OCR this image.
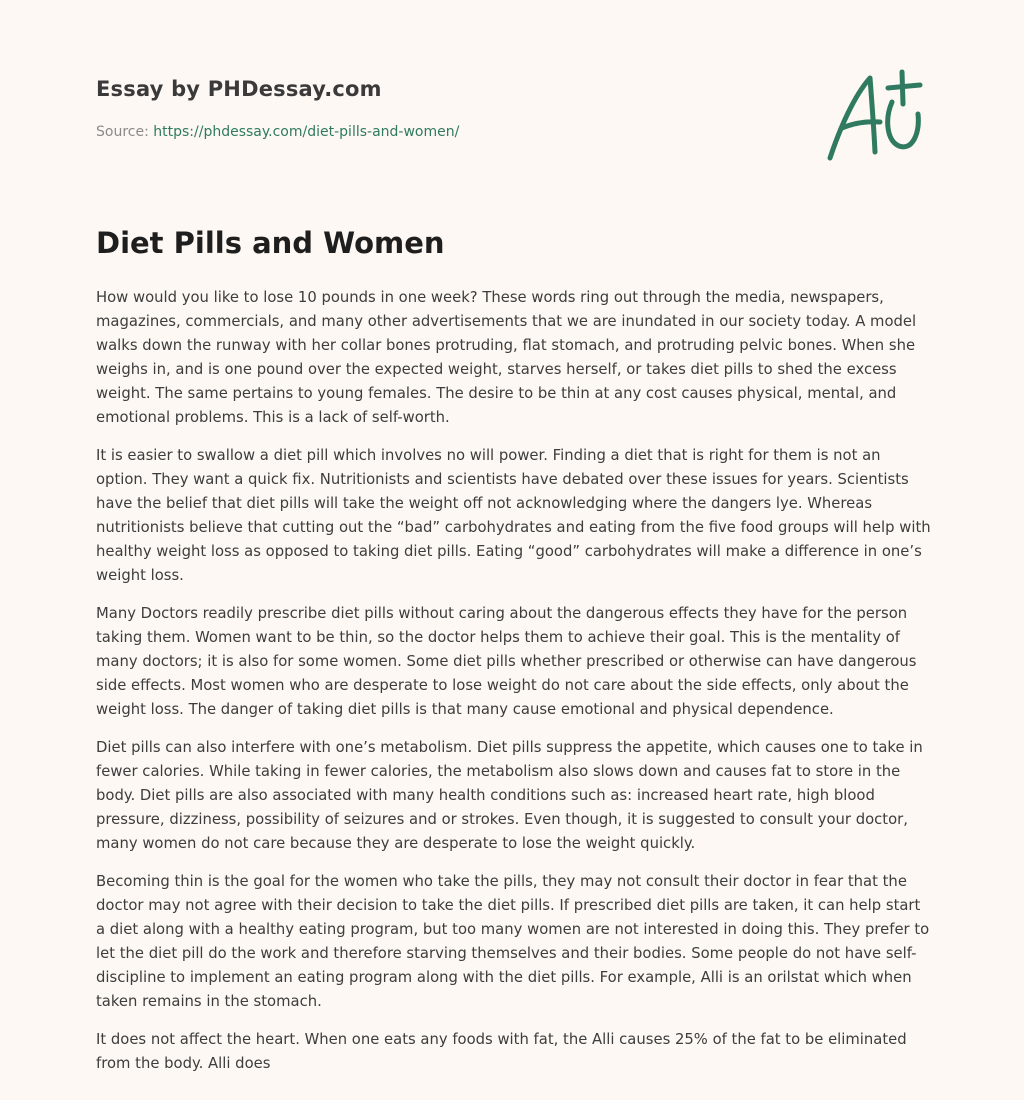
Essay by PHDessay.com
Source: https://phdessay.com/diet-pills-and-women/
Diet Pills and Women

How would you like to lose 10 pounds in one week? These words ring out through the media, newspapers, magazines, commercials, and many other advertisements that we are inundated in our society today. A model walks down the runway with her collar bones protruding, flat stomach, and protruding pelvic bones. When she weighs in, and is one pound over the expected weight, starves herself, or takes diet pills to shed the excess weight. The same pertains to young females. The desire to be thin at any cost causes physical, mental, and emotional problems. This is a lack of self-worth.

It is easier to swallow a diet pill which involves no will power. Finding a diet that is right for them is not an option. They want a quick fix. Nutritionists and scientists have debated over these issues for years. Scientists have the belief that diet pills will take the weight off not acknowledging where the dangers lye. Whereas nutritionists believe that cutting out the “bad” carbohydrates and eating from the five food groups will help with healthy weight loss as opposed to taking diet pills. Eating “good” carbohydrates will make a difference in one’s weight loss.

Many Doctors readily prescribe diet pills without caring about the dangerous effects they have for the person taking them. Women want to be thin, so the doctor helps them to achieve their goal. This is the mentality of many doctors; it is also for some women. Some diet pills whether prescribed or otherwise can have dangerous side effects. Most women who are desperate to lose weight do not care about the side effects, only about the weight loss. The danger of taking diet pills is that many cause emotional and physical dependence.

Diet pills can also interfere with one’s metabolism. Diet pills suppress the appetite, which causes one to take in fewer calories. While taking in fewer calories, the metabolism also slows down and causes fat to store in the body. Diet pills are also associated with many health conditions such as: increased heart rate, high blood pressure, dizziness, possibility of seizures and or strokes. Even though, it is suggested to consult your doctor, many women do not care because they are desperate to lose the weight quickly.

Becoming thin is the goal for the women who take the pills, they may not consult their doctor in fear that the doctor may not agree with their decision to take the diet pills. If prescribed diet pills are taken, it can help start a diet along with a healthy eating program, but too many women are not interested in doing this. They prefer to let the diet pill do the work and therefore starving themselves and their bodies. Some people do not have self-discipline to implement an eating program along with the diet pills. For example, Alli is an orilstat which when taken remains in the stomach.

It does not affect the heart. When one eats any foods with fat, the Alli causes 25% of the fat to be eliminated from the body. Alli does
